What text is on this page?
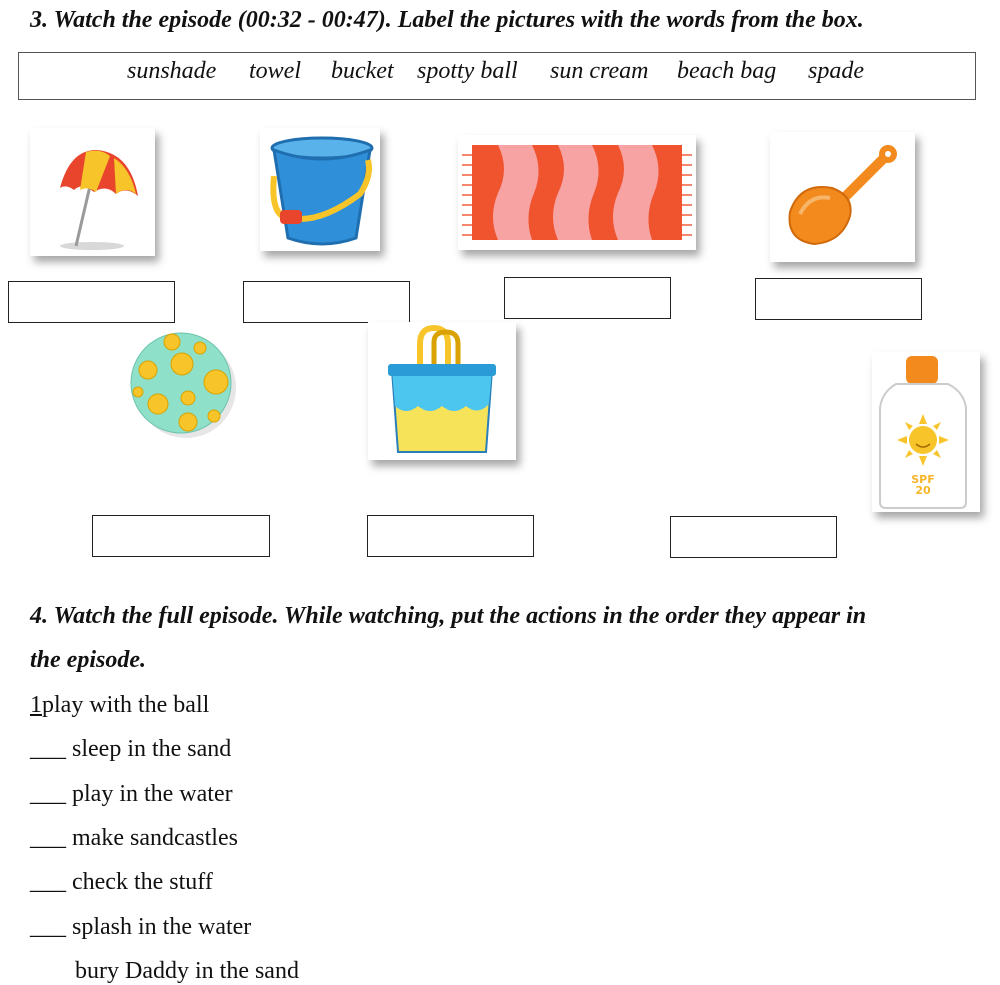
3. Watch the episode (00:32 - 00:47). Label the pictures with the words from the box.
sunshade towel bucket spotty ball sun cream beach bag spade
SPF
20
4. Watch the full episode. While watching, put the actions in the order they appear in
the episode.
1play with the ball
___ sleep in the sand
___ play in the water
___ make sandcastles
___ check the stuff
___ splash in the water
bury Daddy in the sand
